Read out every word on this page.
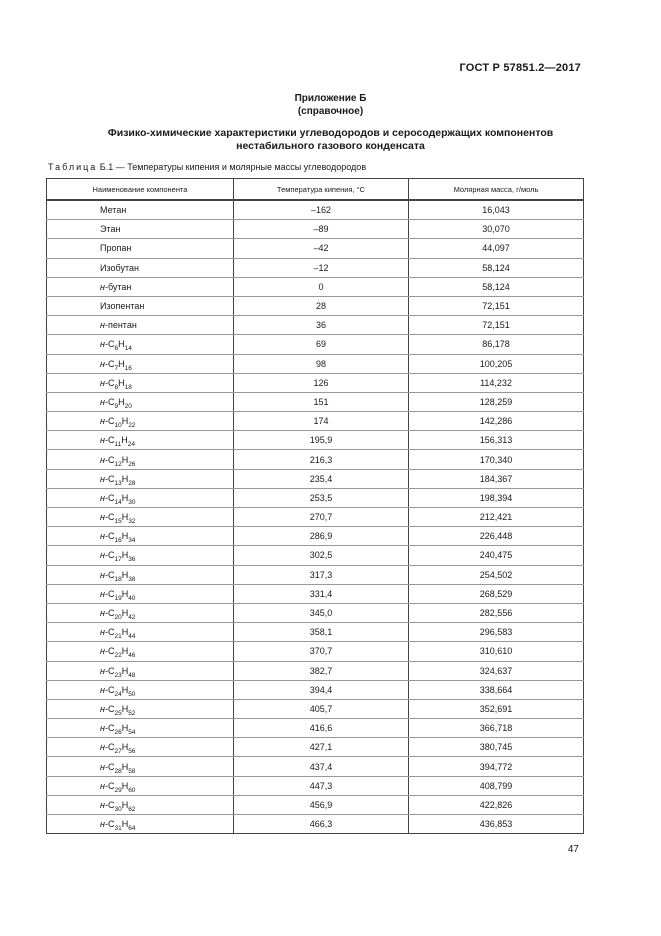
ГОСТ Р 57851.2—2017
Приложение Б
(справочное)
Физико-химические характеристики углеводородов и серосодержащих компонентов
нестабильного газового конденсата
Таблица Б.1 — Температуры кипения и молярные массы углеводородов
Наименование компонента	Температура кипения, °С	Молярная масса, г/моль
Метан	–162	16,043
Этан	–89	30,070
Пропан	–42	44,097
Изобутан	–12	58,124
н-бутан	0	58,124
Изопентан	28	72,151
н-пентан	36	72,151
$н-C_6H_{14}$	69	86,178
$н-C_7H_{16}$	98	100,205
$н-C_8H_{18}$	126	114,232
$н-C_9H_{20}$	151	128,259
$н-C_{10}H_{22}$	174	142,286
$н-C_{11}H_{24}$	195,9	156,313
$н-C_{12}H_{26}$	216,3	170,340
$н-C_{13}H_{28}$	235,4	184,367
$н-C_{14}H_{30}$	253,5	198,394
$н-C_{15}H_{32}$	270,7	212,421
$н-C_{16}H_{34}$	286,9	226,448
$н-C_{17}H_{36}$	302,5	240,475
$н-C_{18}H_{38}$	317,3	254,502
$н-C_{19}H_{40}$	331,4	268,529
$н-C_{20}H_{42}$	345,0	282,556
$н-C_{21}H_{44}$	358,1	296,583
$н-C_{22}H_{46}$	370,7	310,610
$н-C_{23}H_{48}$	382,7	324,637
$н-C_{24}H_{50}$	394,4	338,664
$н-C_{25}H_{52}$	405,7	352,691
$н-C_{26}H_{54}$	416,6	366,718
$н-C_{27}H_{56}$	427,1	380,745
$н-C_{28}H_{58}$	437,4	394,772
$н-C_{29}H_{60}$	447,3	408,799
$н-C_{30}H_{62}$	456,9	422,826
$н-C_{31}H_{64}$	466,3	436,853
47
